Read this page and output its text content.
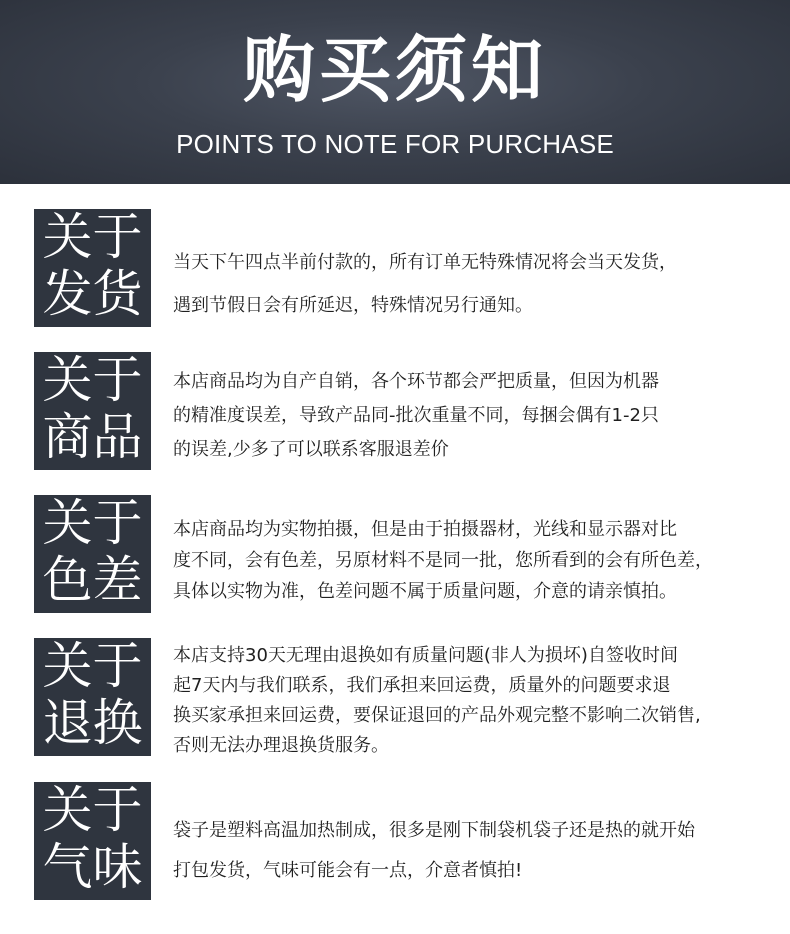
购买须知
POINTS TO NOTE FOR PURCHASE
关于
发货
当天下午四点半前付款的，所有订单无特殊情况将会当天发货，
遇到节假日会有所延迟，特殊情况另行通知。
关于
商品
本店商品均为自产自销，各个环节都会严把质量，但因为机器
的精准度误差，导致产品同-批次重量不同，每捆会偶有1-2只
的误差,少多了可以联系客服退差价
关于
色差
本店商品均为实物拍摄，但是由于拍摄器材，光线和显示器对比
度不同，会有色差，另原材料不是同一批，您所看到的会有所色差，
具体以实物为准，色差问题不属于质量问题，介意的请亲慎拍。
关于
退换
本店支持30天无理由退换如有质量问题(非人为损坏)自签收时间
起7天内与我们联系，我们承担来回运费，质量外的问题要求退
换买家承担来回运费，要保证退回的产品外观完整不影响二次销售,
否则无法办理退换货服务。
关于
气味
袋子是塑料高温加热制成，很多是刚下制袋机袋子还是热的就开始
打包发货，气味可能会有一点，介意者慎拍!
